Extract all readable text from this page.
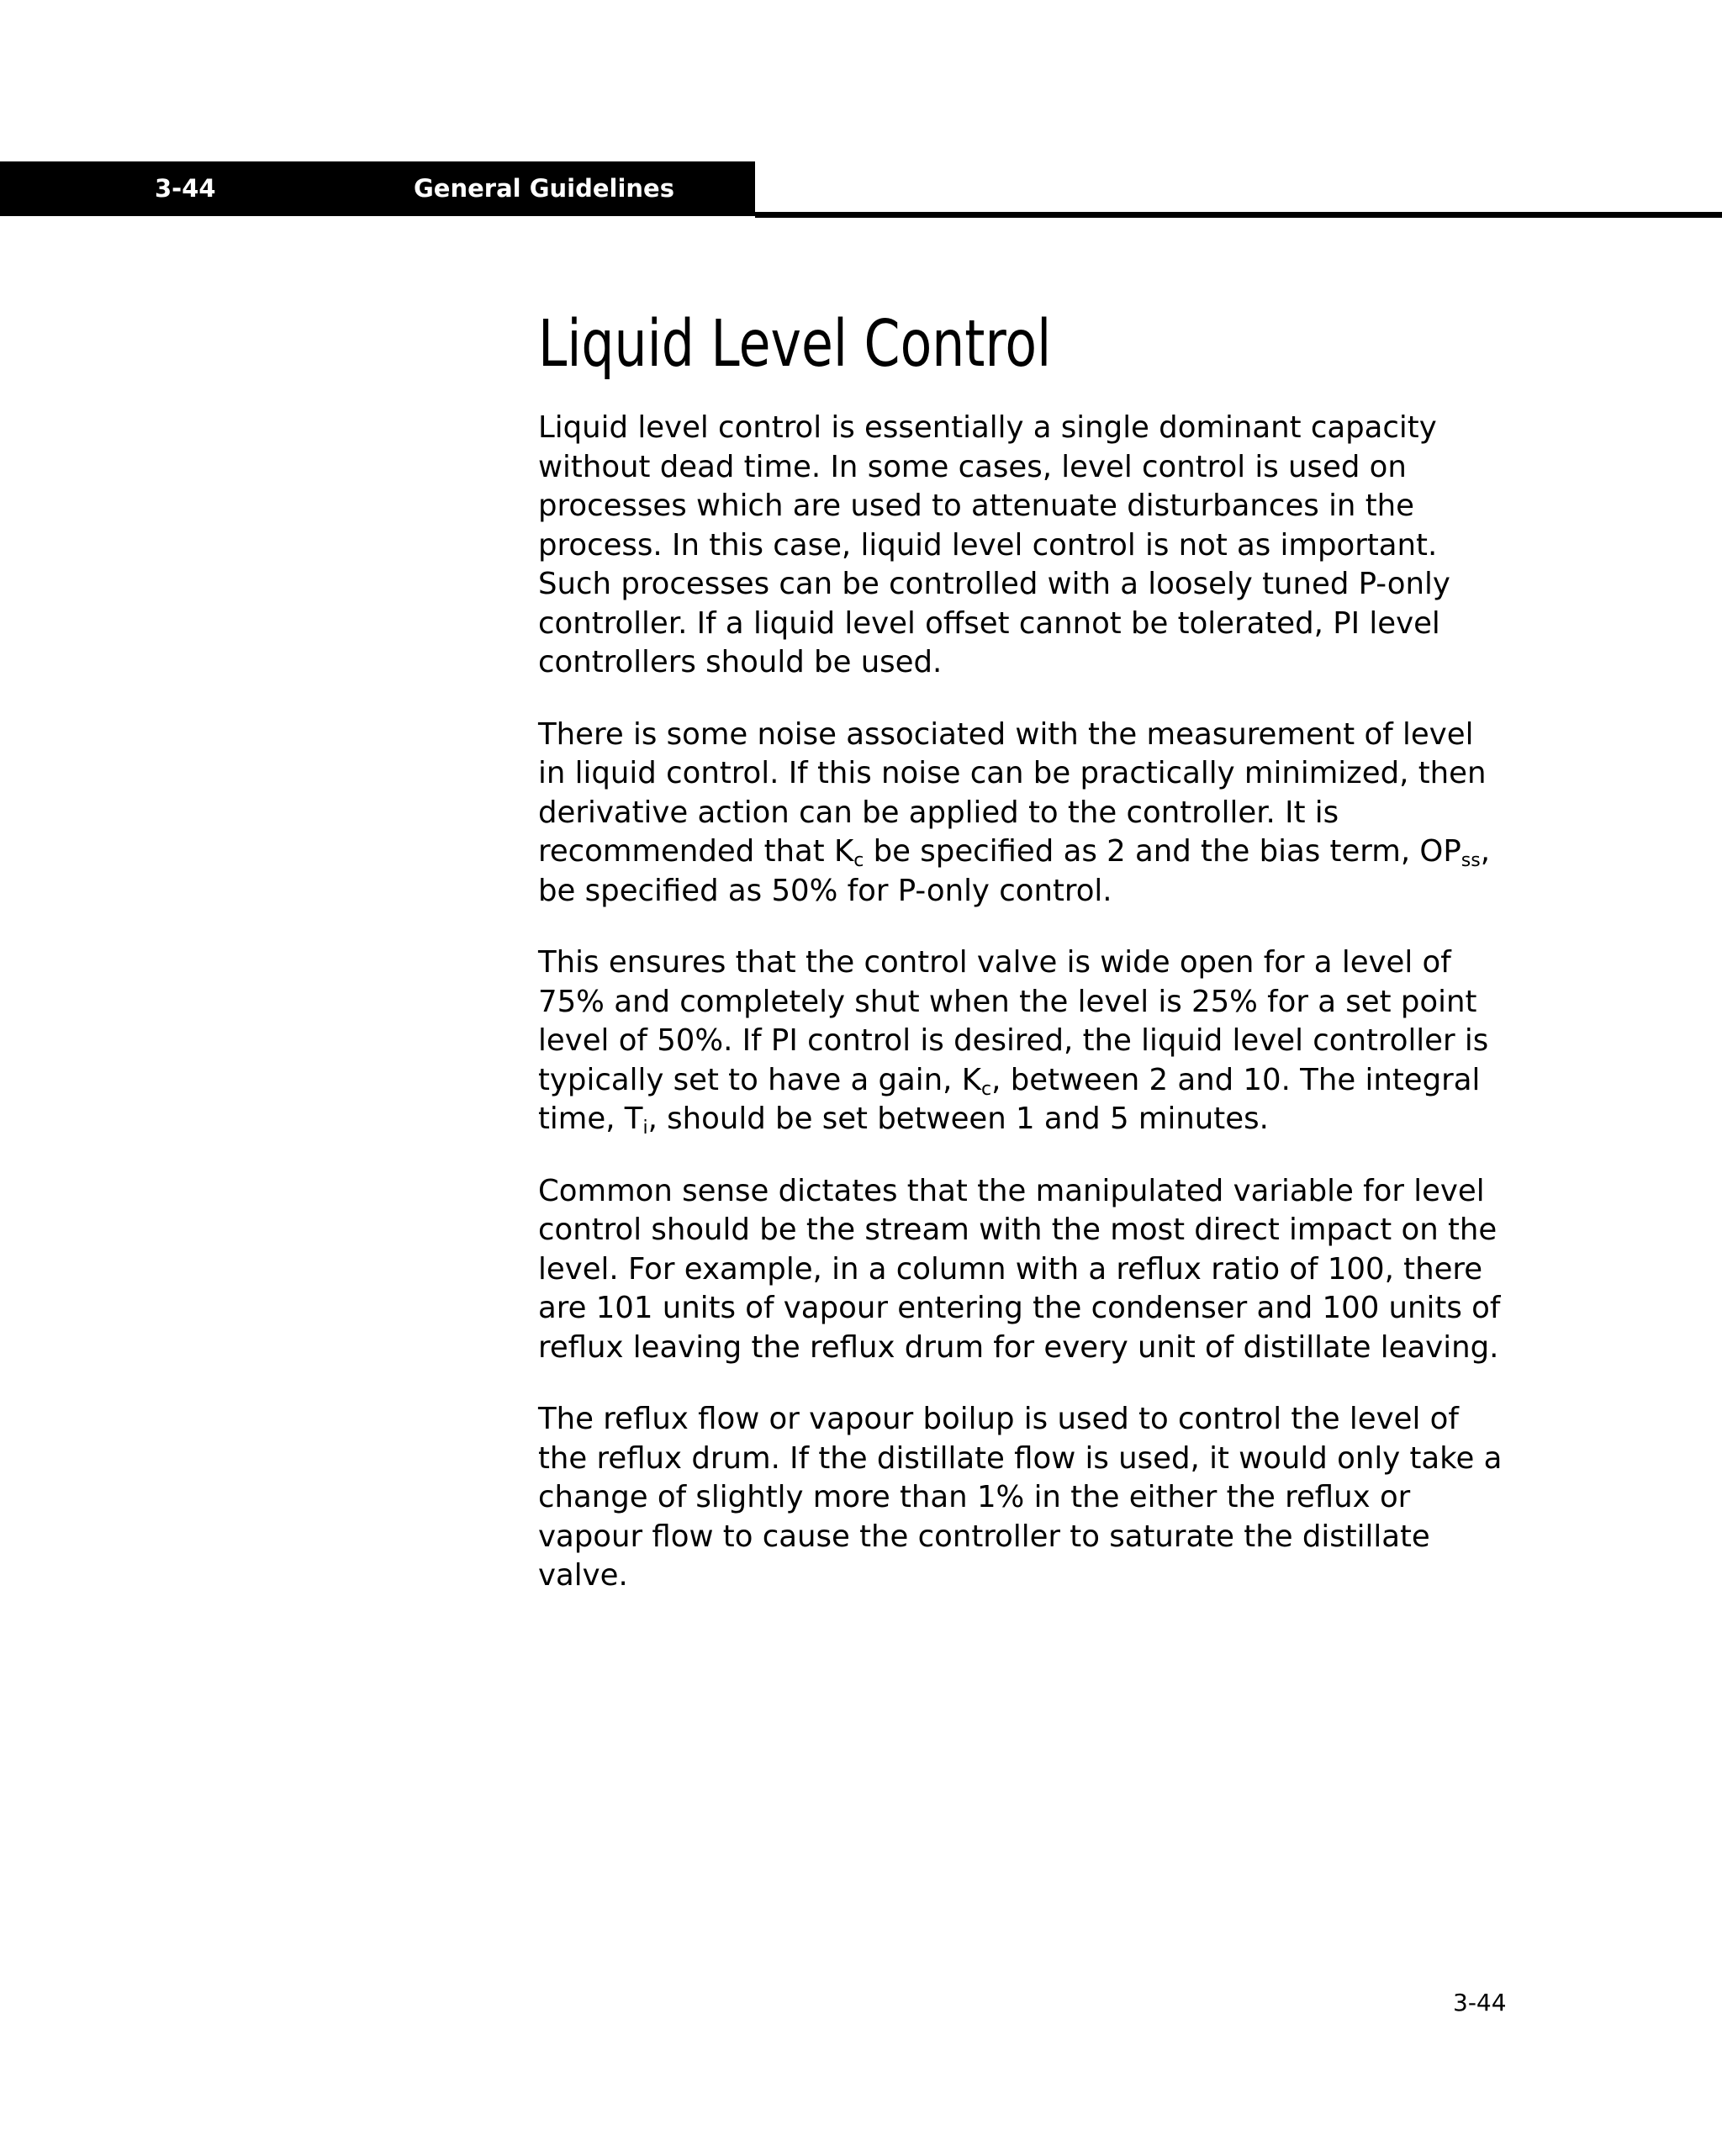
3-44	General Guidelines
Liquid Level Control

Liquid level control is essentially a single dominant capacity without dead time. In some cases, level control is used on processes which are used to attenuate disturbances in the process. In this case, liquid level control is not as important. Such processes can be controlled with a loosely tuned P-only controller. If a liquid level offset cannot be tolerated, PI level controllers should be used.

There is some noise associated with the measurement of level in liquid control. If this noise can be practically minimized, then derivative action can be applied to the controller. It is recommended that $K_c$ be specified as 2 and the bias term, $OP_{ss}$, be specified as 50% for P-only control.

This ensures that the control valve is wide open for a level of 75% and completely shut when the level is 25% for a set point level of 50%. If PI control is desired, the liquid level controller is typically set to have a gain, $K_c$, between 2 and 10. The integral time, $T_i$, should be set between 1 and 5 minutes.

Common sense dictates that the manipulated variable for level control should be the stream with the most direct impact on the level. For example, in a column with a reflux ratio of 100, there are 101 units of vapour entering the condenser and 100 units of reflux leaving the reflux drum for every unit of distillate leaving.

The reflux flow or vapour boilup is used to control the level of the reflux drum. If the distillate flow is used, it would only take a change of slightly more than 1% in the either the reflux or vapour flow to cause the controller to saturate the distillate valve.

3-44
